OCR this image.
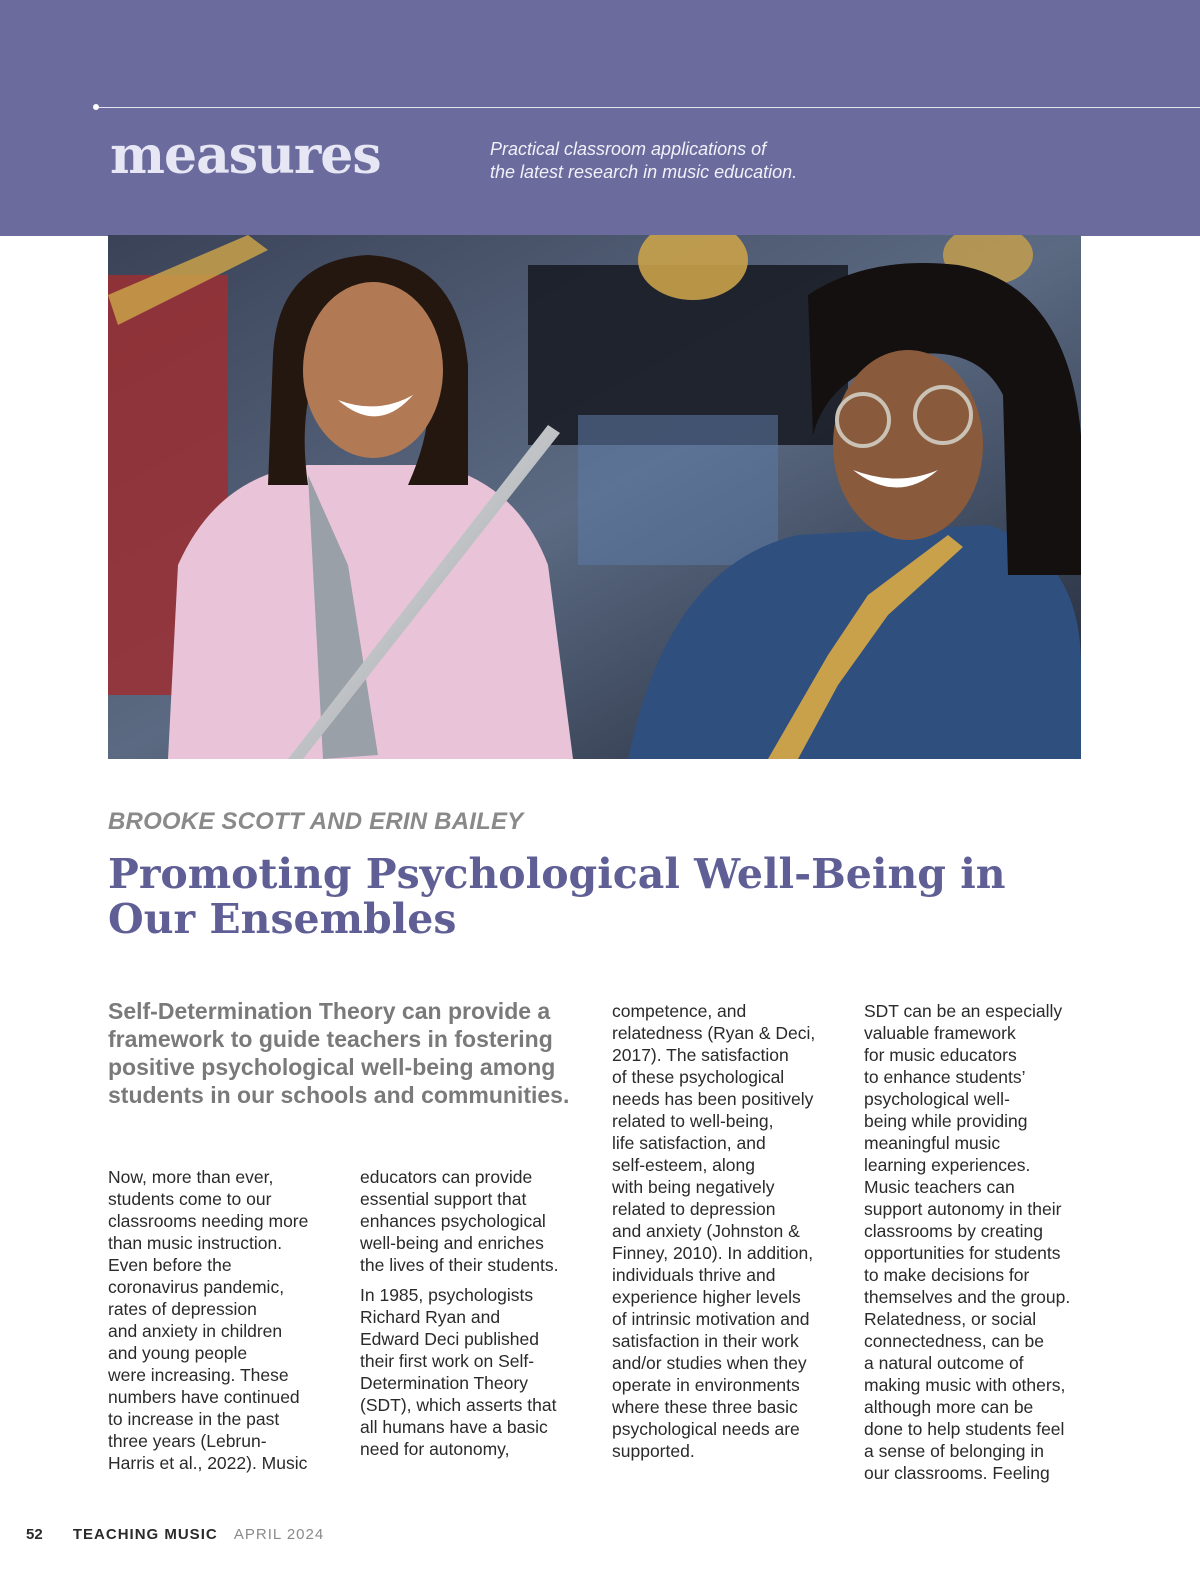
measures	Practical classroom applications of
the latest research in music education.
BROOKE SCOTT AND ERIN BAILEY
Promoting Psychological Well-Being in
Our Ensembles
Self-Determination Theory can provide a framework to guide teachers in fostering positive psychological well-being among students in our schools and communities.
Now, more than ever,
students come to our
classrooms needing more
than music instruction.
Even before the
coronavirus pandemic,
rates of depression
and anxiety in children
and young people
were increasing. These
numbers have continued
to increase in the past
three years (Lebrun-
Harris et al., 2022). Music
educators can provide
essential support that
enhances psychological
well-being and enriches
the lives of their students.
In 1985, psychologists
Richard Ryan and
Edward Deci published
their first work on Self-
Determination Theory
(SDT), which asserts that
all humans have a basic
need for autonomy,
competence, and
relatedness (Ryan & Deci,
2017). The satisfaction
of these psychological
needs has been positively
related to well-being,
life satisfaction, and
self-esteem, along
with being negatively
related to depression
and anxiety (Johnston &
Finney, 2010). In addition,
individuals thrive and
experience higher levels
of intrinsic motivation and
satisfaction in their work
and/or studies when they
operate in environments
where these three basic
psychological needs are
supported.
SDT can be an especially
valuable framework
for music educators
to enhance students’
psychological well-
being while providing
meaningful music
learning experiences.
Music teachers can
support autonomy in their
classrooms by creating
opportunities for students
to make decisions for
themselves and the group.
Relatedness, or social
connectedness, can be
a natural outcome of
making music with others,
although more can be
done to help students feel
a sense of belonging in
our classrooms. Feeling
52 TEACHING MUSIC APRIL 2024
